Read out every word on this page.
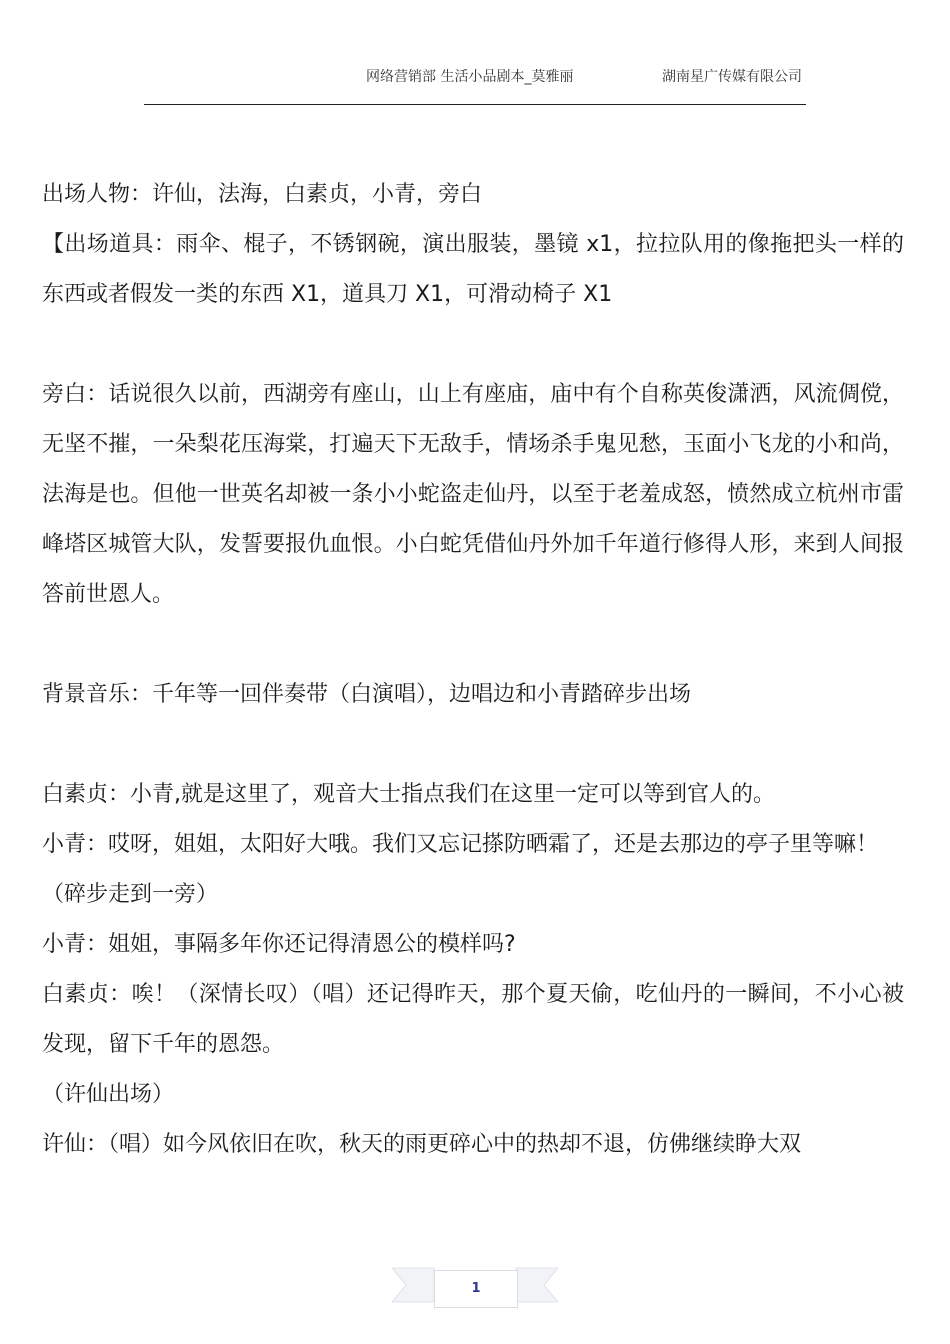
网络营销部 生活小品剧本_莫雅丽	湖南星广传媒有限公司

出场人物：许仙，法海，白素贞，小青，旁白

【出场道具：雨伞、棍子，不锈钢碗，演出服装，墨镜 x1，拉拉队用的像拖把头一样的东西或者假发一类的东西 X1，道具刀 X1，可滑动椅子 X1

旁白：话说很久以前，西湖旁有座山，山上有座庙，庙中有个自称英俊潇洒，风流倜傥，无坚不摧，一朵梨花压海棠，打遍天下无敌手，情场杀手鬼见愁，玉面小飞龙的小和尚，法海是也。但他一世英名却被一条小小蛇盗走仙丹，以至于老羞成怒，愤然成立杭州市雷峰塔区城管大队，发誓要报仇血恨。小白蛇凭借仙丹外加千年道行修得人形，来到人间报答前世恩人。

背景音乐：千年等一回伴奏带（白演唱），边唱边和小青踏碎步出场

白素贞：小青,就是这里了，观音大士指点我们在这里一定可以等到官人的。

小青：哎呀，姐姐，太阳好大哦。我们又忘记搽防晒霜了，还是去那边的亭子里等嘛！

（碎步走到一旁）

小青：姐姐，事隔多年你还记得清恩公的模样吗?

白素贞：唉！（深情长叹）（唱）还记得昨天，那个夏天偷，吃仙丹的一瞬间，不小心被发现，留下千年的恩怨。

（许仙出场）

许仙：（唱）如今风依旧在吹，秋天的雨更碎心中的热却不退，仿佛继续睁大双

1
